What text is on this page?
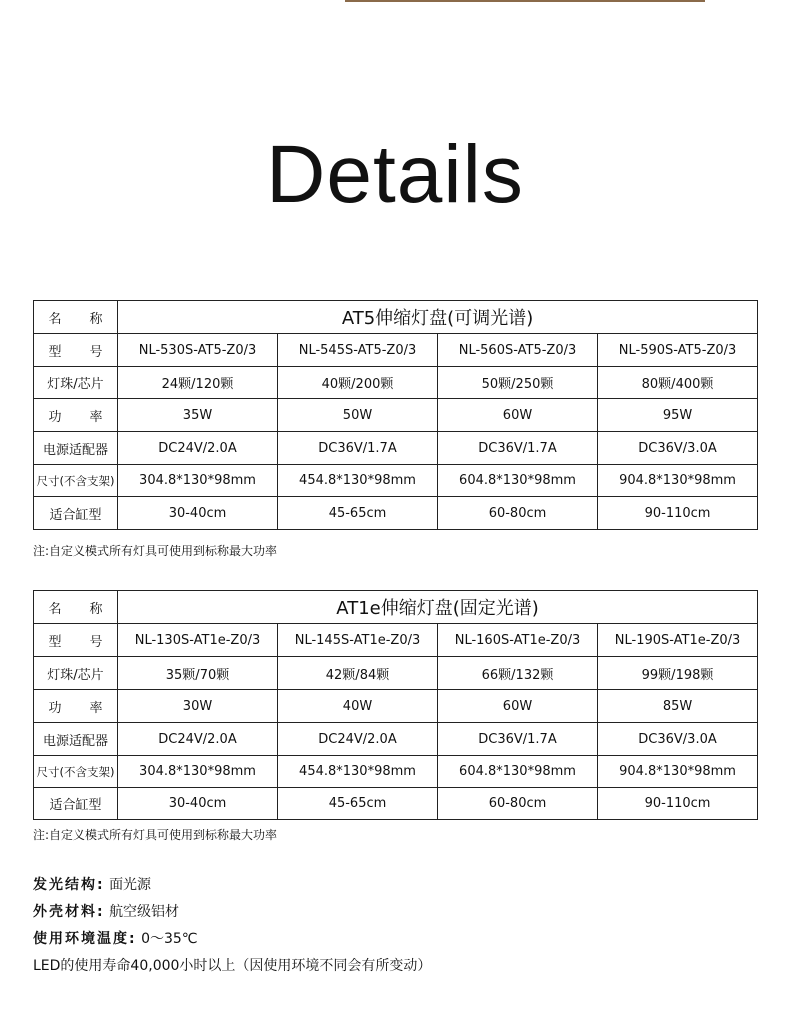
Details
名 称	AT5伸缩灯盘(可调光谱)			
型 号	NL-530S-AT5-Z0/3	NL-545S-AT5-Z0/3	NL-560S-AT5-Z0/3	NL-590S-AT5-Z0/3
灯珠/芯片	24颗/120颗	40颗/200颗	50颗/250颗	80颗/400颗
功 率	35W	50W	60W	95W
电源适配器	DC24V/2.0A	DC36V/1.7A	DC36V/1.7A	DC36V/3.0A
尺寸(不含支架)	304.8*130*98mm	454.8*130*98mm	604.8*130*98mm	904.8*130*98mm
适合缸型	30-40cm	45-65cm	60-80cm	90-110cm
注:自定义模式所有灯具可使用到标称最大功率
名 称	AT1e伸缩灯盘(固定光谱)			
型 号	NL-130S-AT1e-Z0/3	NL-145S-AT1e-Z0/3	NL-160S-AT1e-Z0/3	NL-190S-AT1e-Z0/3
灯珠/芯片	35颗/70颗	42颗/84颗	66颗/132颗	99颗/198颗
功 率	30W	40W	60W	85W
电源适配器	DC24V/2.0A	DC24V/2.0A	DC36V/1.7A	DC36V/3.0A
尺寸(不含支架)	304.8*130*98mm	454.8*130*98mm	604.8*130*98mm	904.8*130*98mm
适合缸型	30-40cm	45-65cm	60-80cm	90-110cm
注:自定义模式所有灯具可使用到标称最大功率
发光结构: 面光源
外壳材料: 航空级铝材
使用环境温度: 0～35℃
LED的使用寿命40,000小时以上（因使用环境不同会有所变动）
